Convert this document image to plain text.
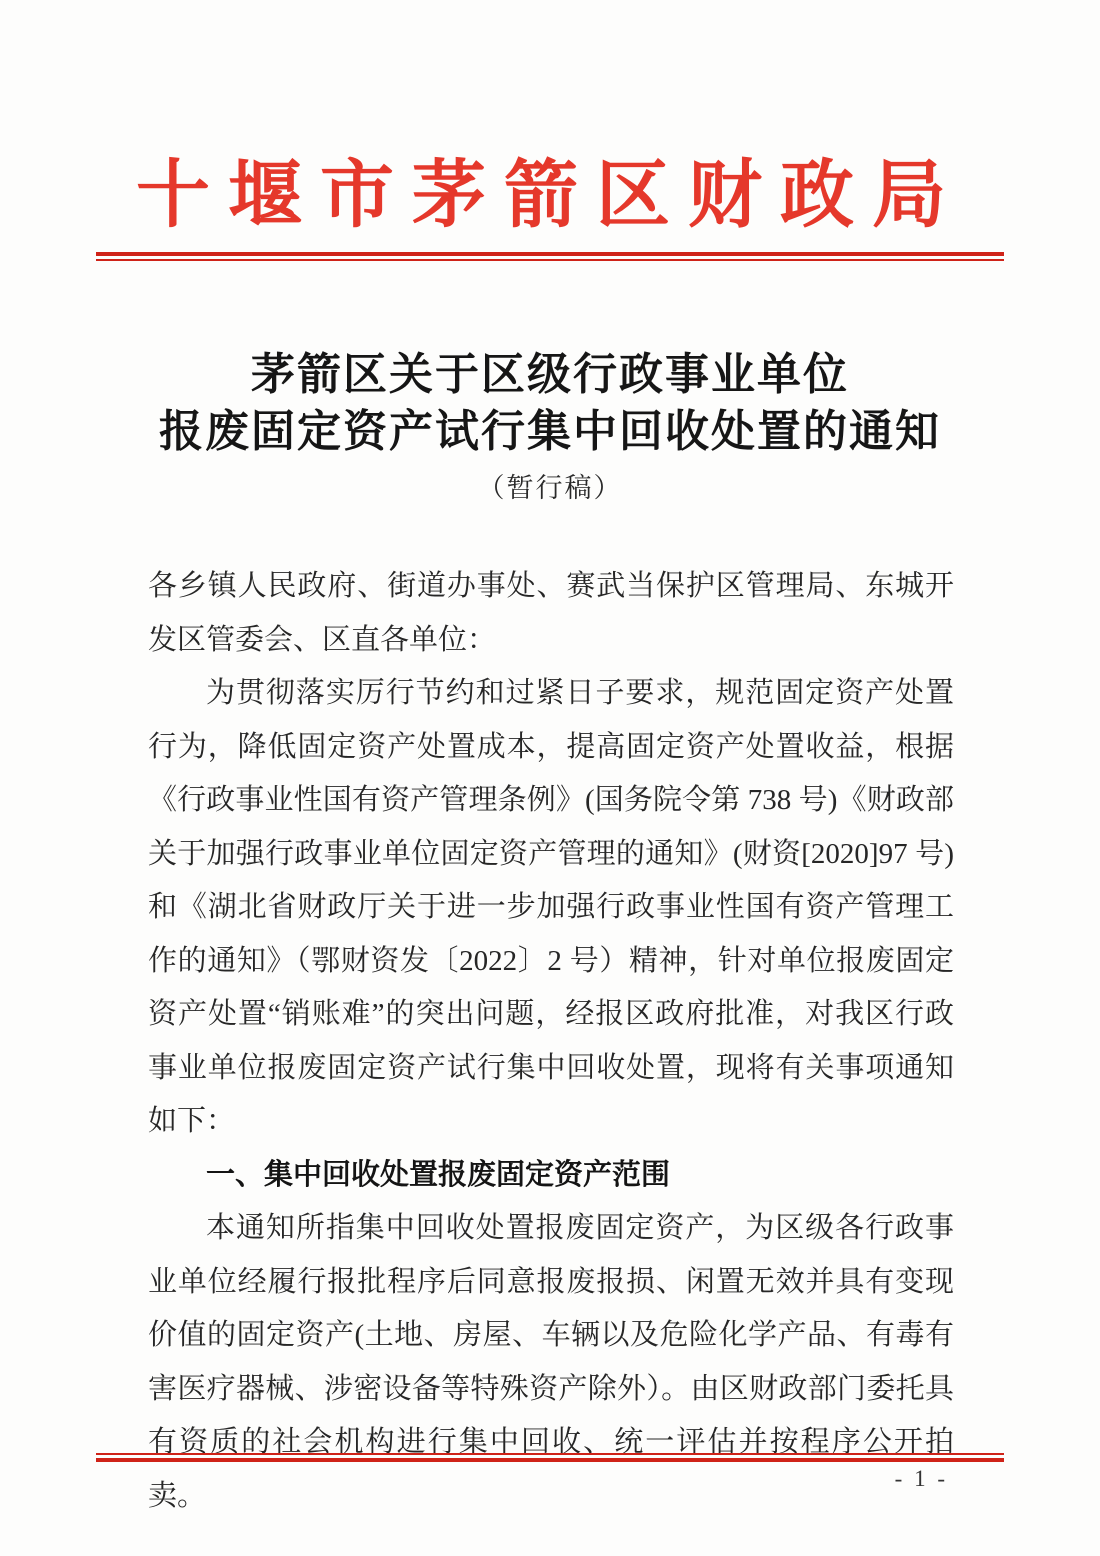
十堰市茅箭区财政局
茅箭区关于区级行政事业单位
报废固定资产试行集中回收处置的通知
（暂行稿）

各乡镇人民政府、街道办事处、赛武当保护区管理局、东城开发区管委会、区直各单位：

为贯彻落实厉行节约和过紧日子要求，规范固定资产处置行为，降低固定资产处置成本，提高固定资产处置收益，根据《行政事业性国有资产管理条例》(国务院令第 738 号)《财政部关于加强行政事业单位固定资产管理的通知》(财资[2020]97 号)和《湖北省财政厅关于进一步加强行政事业性国有资产管理工作的通知》（鄂财资发〔2022〕2 号）精神，针对单位报废固定资产处置“销账难”的突出问题，经报区政府批准，对我区行政事业单位报废固定资产试行集中回收处置，现将有关事项通知如下：

一、集中回收处置报废固定资产范围

本通知所指集中回收处置报废固定资产，为区级各行政事业单位经履行报批程序后同意报废报损、闲置无效并具有变现价值的固定资产(土地、房屋、车辆以及危险化学产品、有毒有害医疗器械、涉密设备等特殊资产除外）。由区财政部门委托具有资质的社会机构进行集中回收、统一评估并按程序公开拍卖。

- 1 -
